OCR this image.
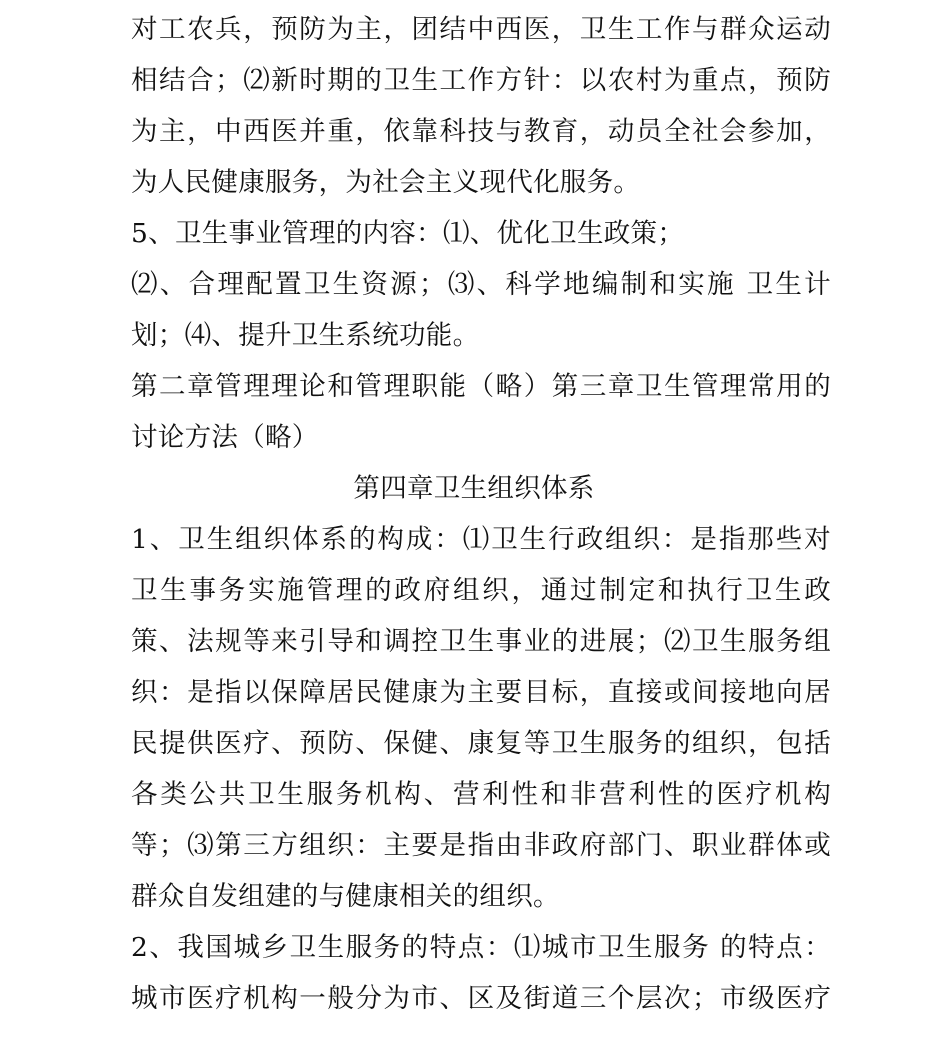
对工农兵，预防为主，团结中西医，卫生工作与群众运动
相结合；⑵新时期的卫生工作方针：以农村为重点，预防
为主，中西医并重，依靠科技与教育，动员全社会参加，
为人民健康服务，为社会主义现代化服务。
5、卫生事业管理的内容：⑴、优化卫生政策；
⑵、合理配置卫生资源；⑶、科学地编制和实施 卫生计
划；⑷、提升卫生系统功能。
第二章管理理论和管理职能（略）第三章卫生管理常用的
讨论方法（略）
第四章卫生组织体系
1、卫生组织体系的构成：⑴卫生行政组织：是指那些对
卫生事务实施管理的政府组织，通过制定和执行卫生政
策、法规等来引导和调控卫生事业的进展；⑵卫生服务组
织：是指以保障居民健康为主要目标，直接或间接地向居
民提供医疗、预防、保健、康复等卫生服务的组织，包括
各类公共卫生服务机构、营利性和非营利性的医疗机构
等；⑶第三方组织：主要是指由非政府部门、职业群体或
群众自发组建的与健康相关的组织。
2、我国城乡卫生服务的特点：⑴城市卫生服务 的特点：
城市医疗机构一般分为市、区及街道三个层次；市级医疗
